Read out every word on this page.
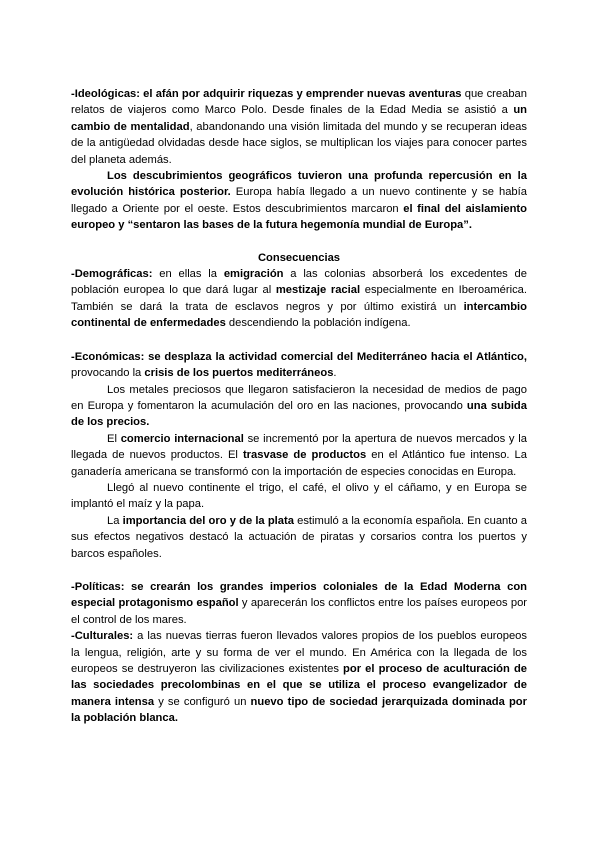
-Ideológicas: el afán por adquirir riquezas y emprender nuevas aventuras que creaban relatos de viajeros como Marco Polo. Desde finales de la Edad Media se asistió a un cambio de mentalidad, abandonando una visión limitada del mundo y se recuperan ideas de la antigüedad olvidadas desde hace siglos, se multiplican los viajes para conocer partes del planeta además.

Los descubrimientos geográficos tuvieron una profunda repercusión en la evolución histórica posterior. Europa había llegado a un nuevo continente y se había llegado a Oriente por el oeste. Estos descubrimientos marcaron el final del aislamiento europeo y “sentaron las bases de la futura hegemonía mundial de Europa”.

Consecuencias

-Demográficas: en ellas la emigración a las colonias absorberá los excedentes de población europea lo que dará lugar al mestizaje racial especialmente en Iberoamérica. También se dará la trata de esclavos negros y por último existirá un intercambio continental de enfermedades descendiendo la población indígena.

-Económicas: se desplaza la actividad comercial del Mediterráneo hacia el Atlántico, provocando la crisis de los puertos mediterráneos.

Los metales preciosos que llegaron satisfacieron la necesidad de medios de pago en Europa y fomentaron la acumulación del oro en las naciones, provocando una subida de los precios.

El comercio internacional se incrementó por la apertura de nuevos mercados y la llegada de nuevos productos. El trasvase de productos en el Atlántico fue intenso. La ganadería americana se transformó con la importación de especies conocidas en Europa.

Llegó al nuevo continente el trigo, el café, el olivo y el cáñamo, y en Europa se implantó el maíz y la papa.

La importancia del oro y de la plata estimuló a la economía española. En cuanto a sus efectos negativos destacó la actuación de piratas y corsarios contra los puertos y barcos españoles.

-Políticas: se crearán los grandes imperios coloniales de la Edad Moderna con especial protagonismo español y aparecerán los conflictos entre los países europeos por el control de los mares.

-Culturales: a las nuevas tierras fueron llevados valores propios de los pueblos europeos la lengua, religión, arte y su forma de ver el mundo. En América con la llegada de los europeos se destruyeron las civilizaciones existentes por el proceso de aculturación de las sociedades precolombinas en el que se utiliza el proceso evangelizador de manera intensa y se configuró un nuevo tipo de sociedad jerarquizada dominada por la población blanca.
